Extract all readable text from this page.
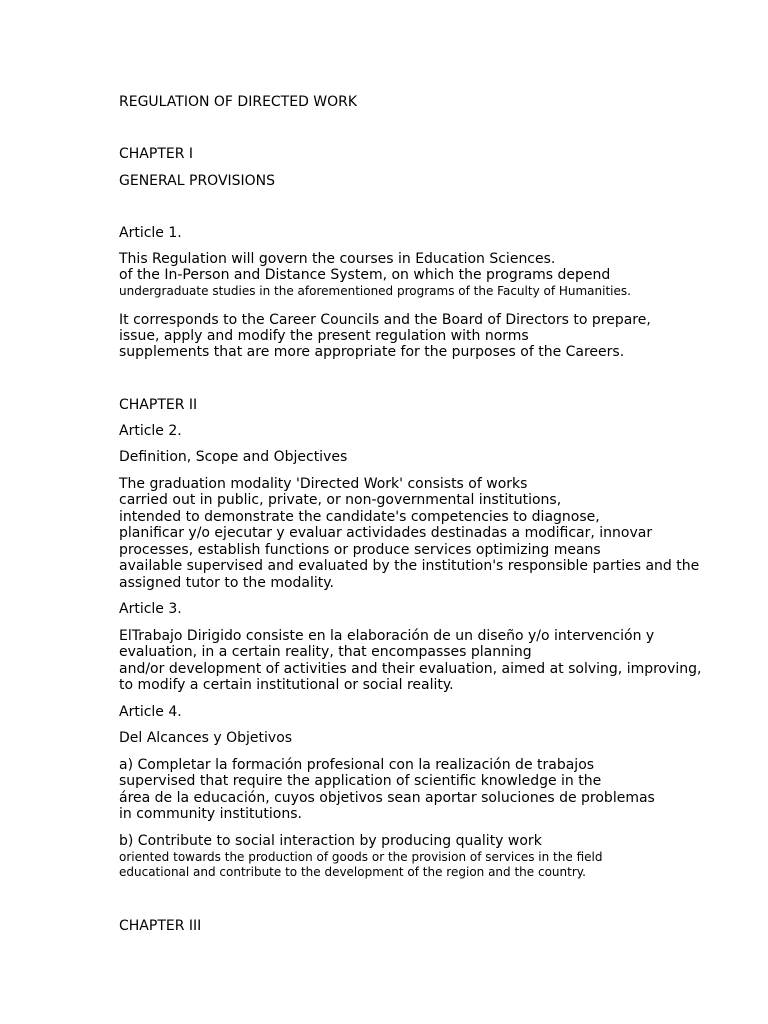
REGULATION OF DIRECTED WORK
CHAPTER I
GENERAL PROVISIONS
Article 1.
This Regulation will govern the courses in Education Sciences.
of the In-Person and Distance System, on which the programs depend
undergraduate studies in the aforementioned programs of the Faculty of Humanities.
It corresponds to the Career Councils and the Board of Directors to prepare,
issue, apply and modify the present regulation with norms
supplements that are more appropriate for the purposes of the Careers.
CHAPTER II
Article 2.
Definition, Scope and Objectives
The graduation modality 'Directed Work' consists of works
carried out in public, private, or non-governmental institutions,
intended to demonstrate the candidate's competencies to diagnose,
planificar y/o ejecutar y evaluar actividades destinadas a modificar, innovar
processes, establish functions or produce services optimizing means
available supervised and evaluated by the institution's responsible parties and the
assigned tutor to the modality.
Article 3.
ElTrabajo Dirigido consiste en la elaboración de un diseño y/o intervención y
evaluation, in a certain reality, that encompasses planning
and/or development of activities and their evaluation, aimed at solving, improving,
to modify a certain institutional or social reality.
Article 4.
Del Alcances y Objetivos
a) Completar la formación profesional con la realización de trabajos
supervised that require the application of scientific knowledge in the
área de la educación, cuyos objetivos sean aportar soluciones de problemas
in community institutions.
b) Contribute to social interaction by producing quality work
oriented towards the production of goods or the provision of services in the field
educational and contribute to the development of the region and the country.
CHAPTER III
